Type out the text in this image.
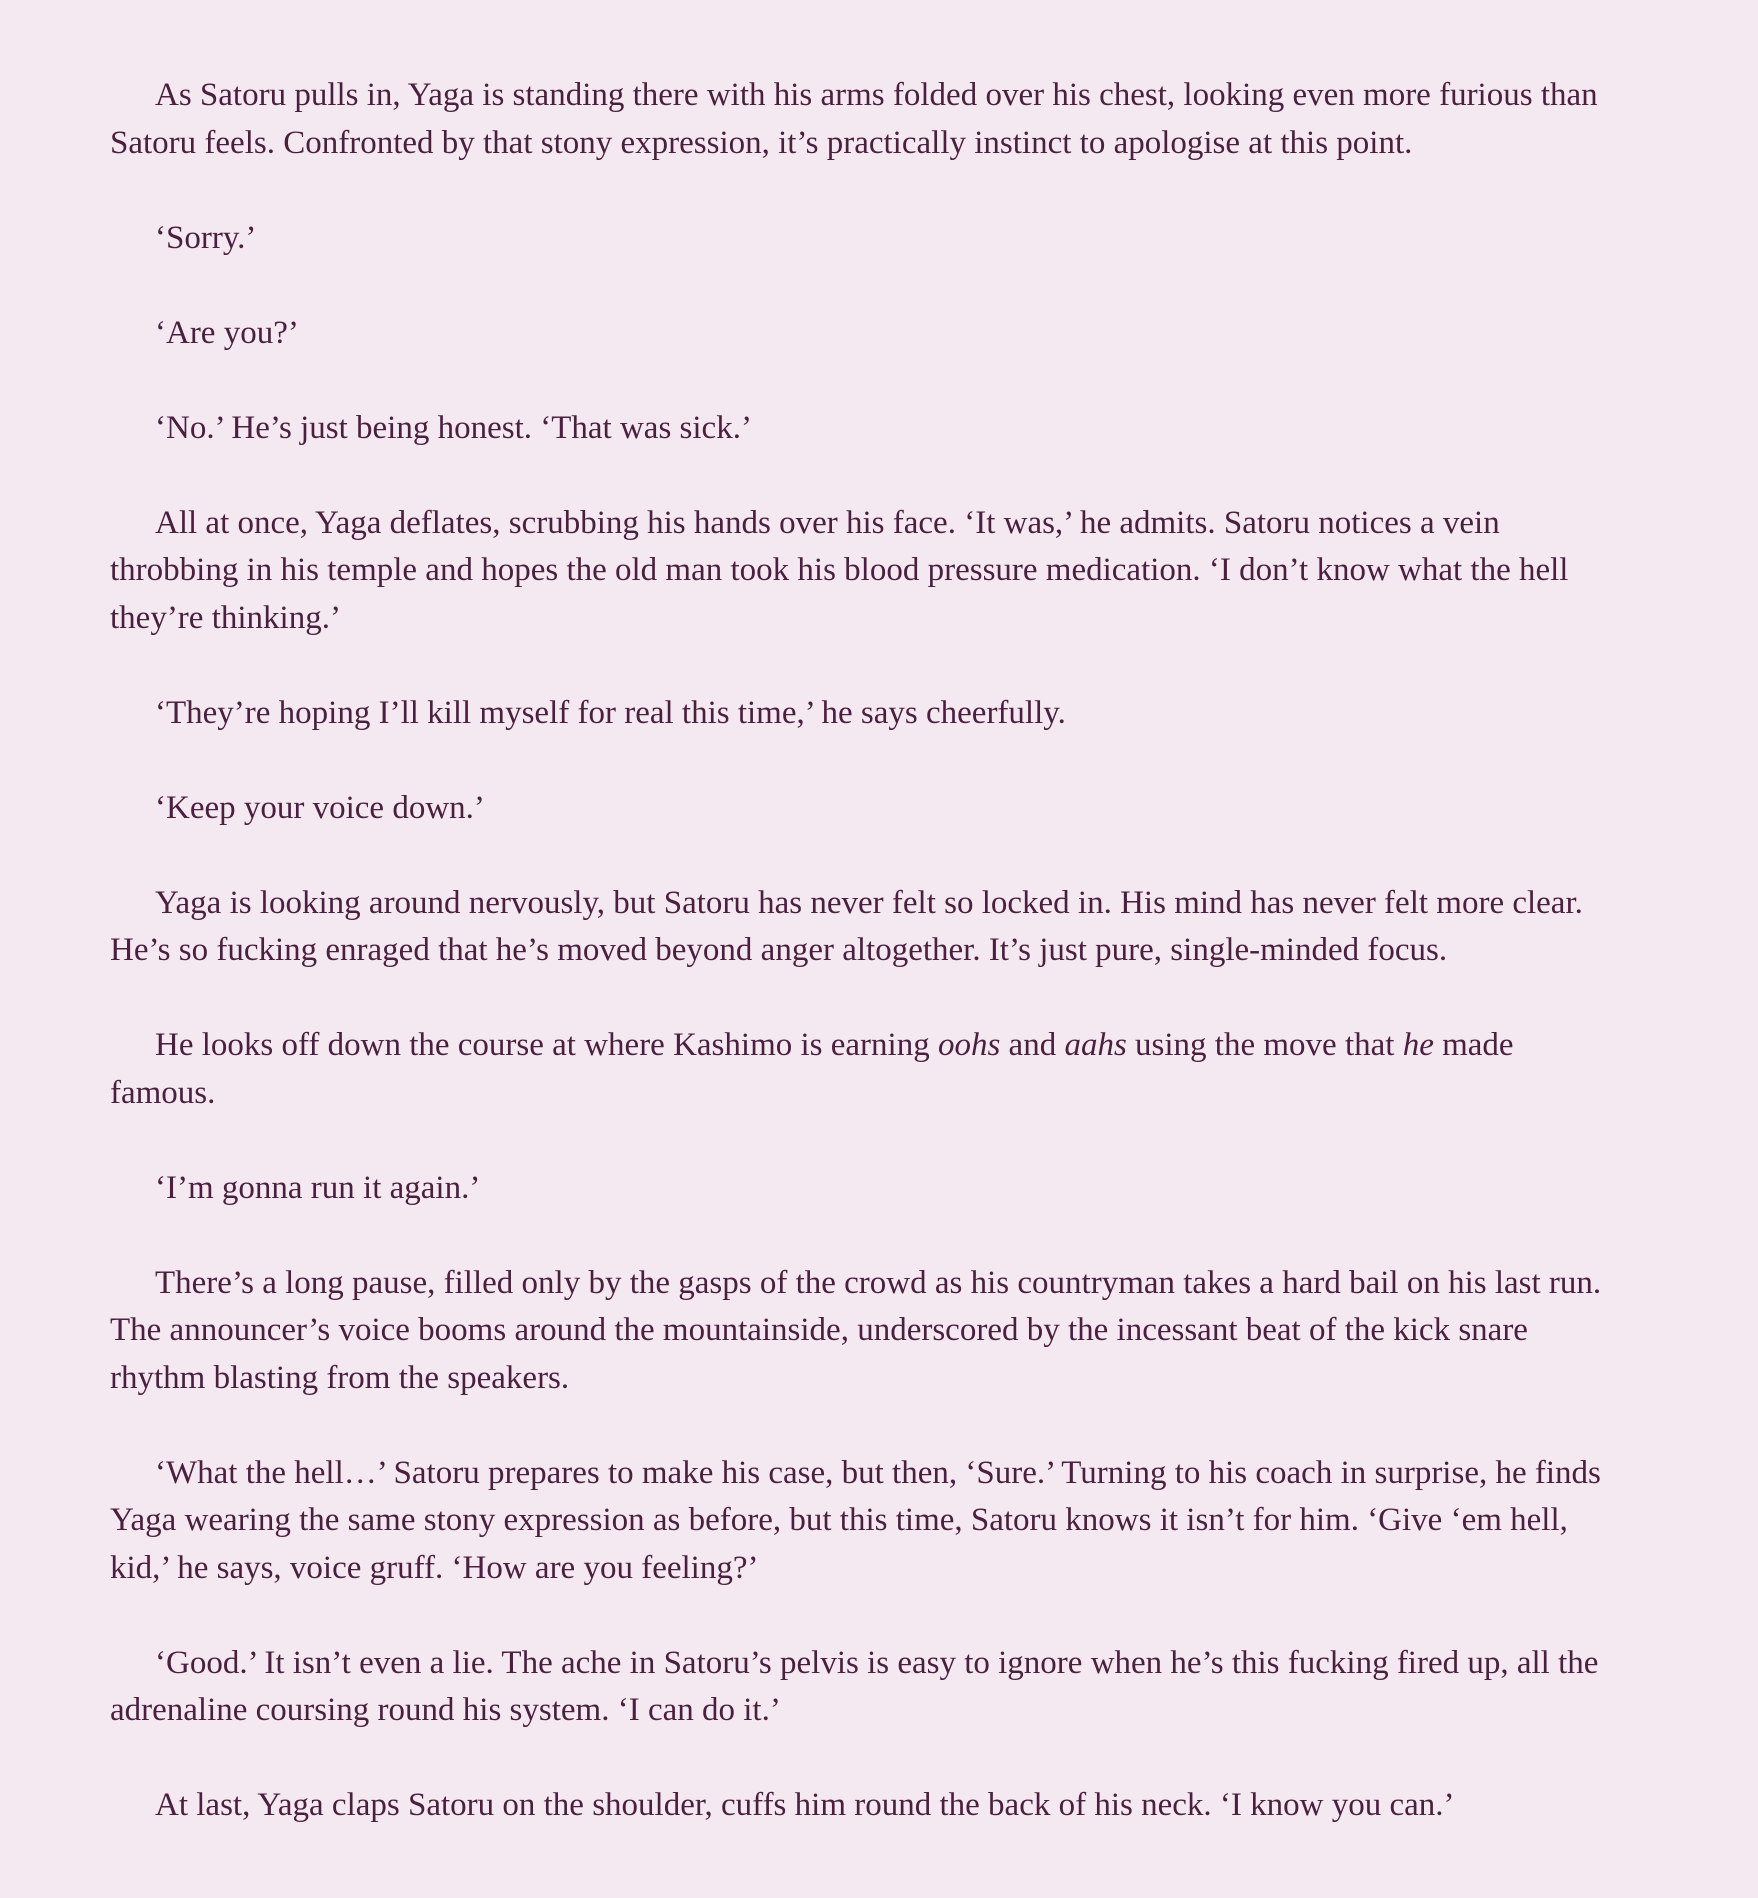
As Satoru pulls in, Yaga is standing there with his arms folded over his chest, looking even more furious than Satoru feels. Confronted by that stony expression, it’s practically instinct to apologise at this point.

‘Sorry.’

‘Are you?’

‘No.’ He’s just being honest. ‘That was sick.’

All at once, Yaga deflates, scrubbing his hands over his face. ‘It was,’ he admits. Satoru notices a vein throbbing in his temple and hopes the old man took his blood pressure medication. ‘I don’t know what the hell they’re thinking.’

‘They’re hoping I’ll kill myself for real this time,’ he says cheerfully.

‘Keep your voice down.’

Yaga is looking around nervously, but Satoru has never felt so locked in. His mind has never felt more clear. He’s so fucking enraged that he’s moved beyond anger altogether. It’s just pure, single-minded focus.

He looks off down the course at where Kashimo is earning oohs and aahs using the move that he made famous.

‘I’m gonna run it again.’

There’s a long pause, filled only by the gasps of the crowd as his countryman takes a hard bail on his last run. The announcer’s voice booms around the mountainside, underscored by the incessant beat of the kick snare rhythm blasting from the speakers.

‘What the hell…’ Satoru prepares to make his case, but then, ‘Sure.’ Turning to his coach in surprise, he finds Yaga wearing the same stony expression as before, but this time, Satoru knows it isn’t for him. ‘Give ‘em hell, kid,’ he says, voice gruff. ‘How are you feeling?’

‘Good.’ It isn’t even a lie. The ache in Satoru’s pelvis is easy to ignore when he’s this fucking fired up, all the adrenaline coursing round his system. ‘I can do it.’

At last, Yaga claps Satoru on the shoulder, cuffs him round the back of his neck. ‘I know you can.’
